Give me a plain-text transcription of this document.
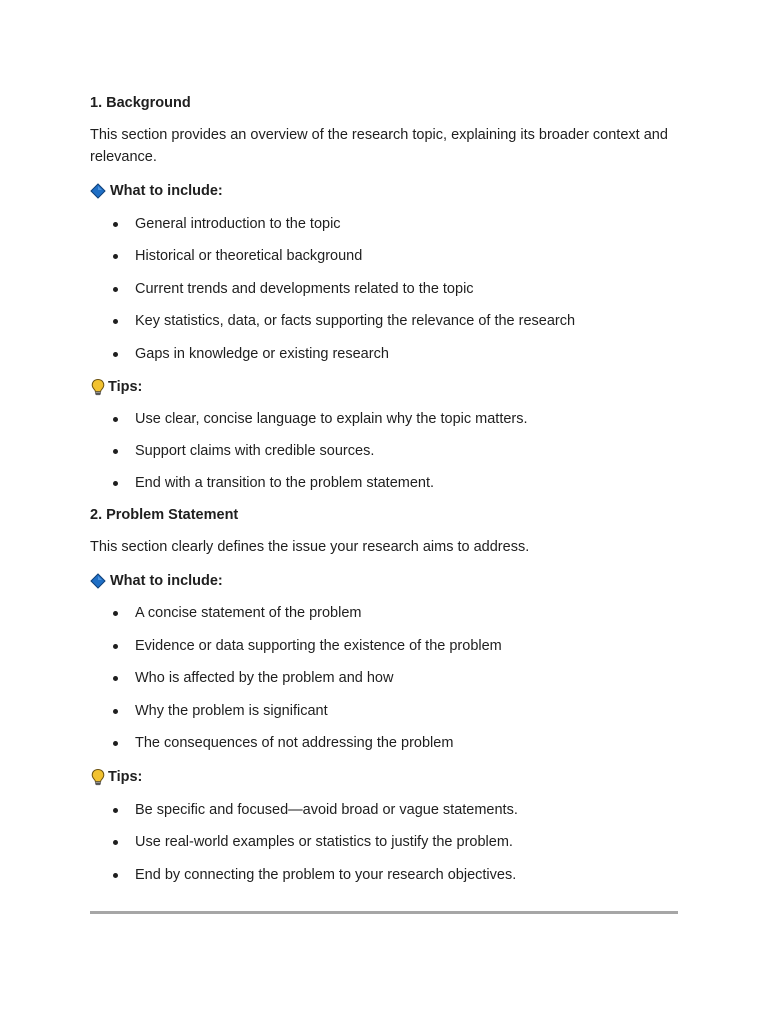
1. Background

This section provides an overview of the research topic, explaining its broader context and relevance.

What to include:
General introduction to the topic
Historical or theoretical background
Current trends and developments related to the topic
Key statistics, data, or facts supporting the relevance of the research
Gaps in knowledge or existing research
Tips:
Use clear, concise language to explain why the topic matters.
Support claims with credible sources.
End with a transition to the problem statement.
2. Problem Statement

This section clearly defines the issue your research aims to address.

What to include:
A concise statement of the problem
Evidence or data supporting the existence of the problem
Who is affected by the problem and how
Why the problem is significant
The consequences of not addressing the problem
Tips:
Be specific and focused—avoid broad or vague statements.
Use real-world examples or statistics to justify the problem.
End by connecting the problem to your research objectives.
